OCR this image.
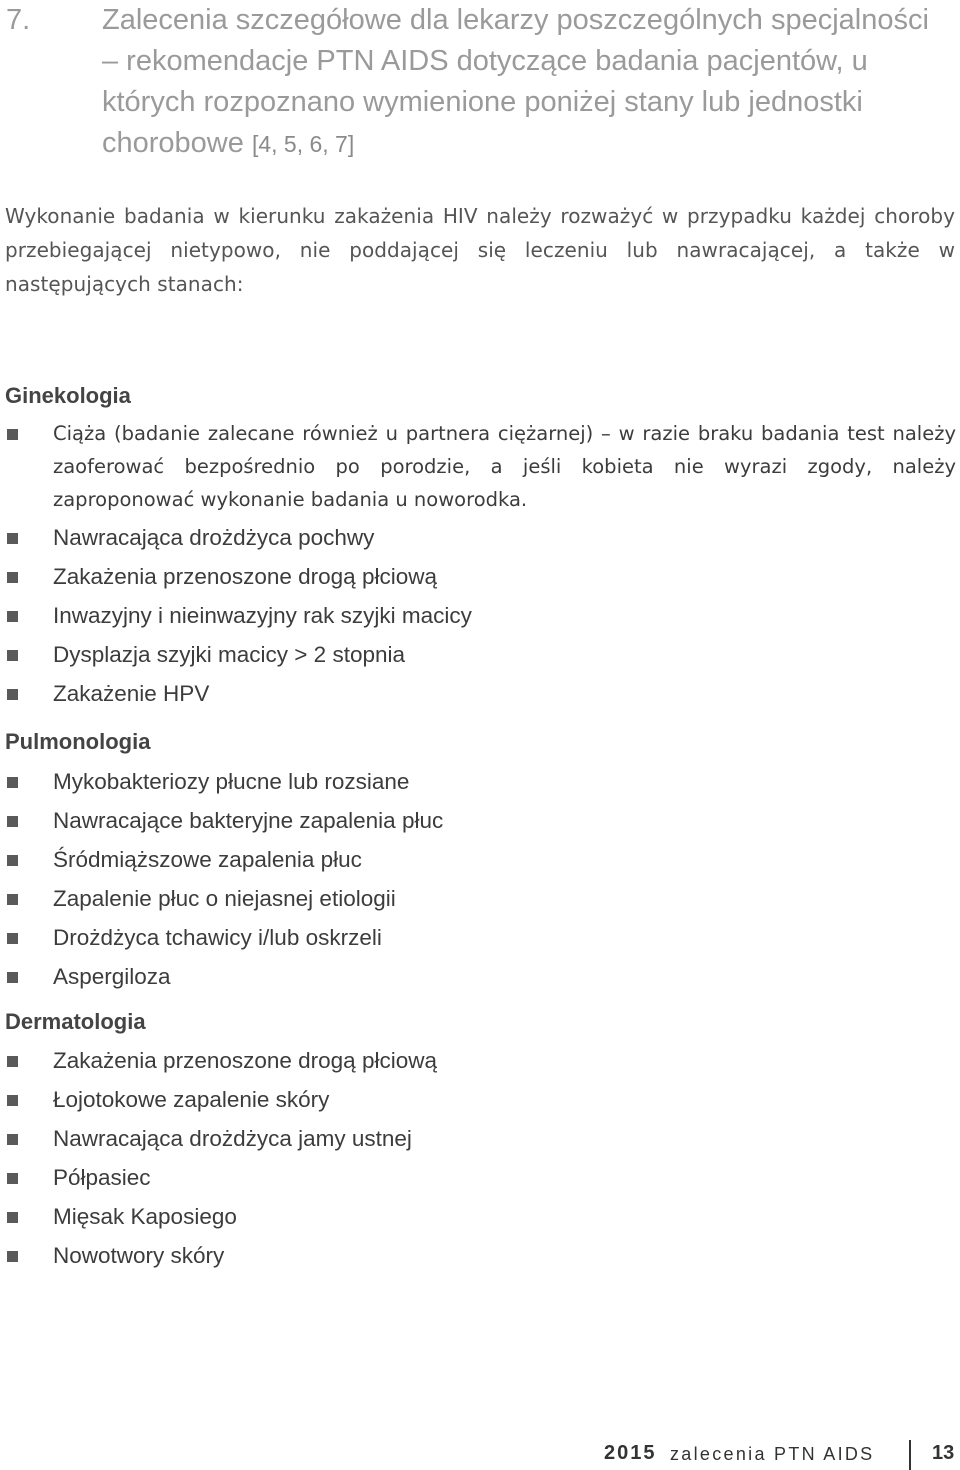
7. Zalecenia szczegółowe dla lekarzy poszczególnych specjalności – rekomendacje PTN AIDS dotyczące badania pacjentów, u których rozpoznano wymienione poniżej stany lub jednostki chorobowe [4, 5, 6, 7]

Wykonanie badania w kierunku zakażenia HIV należy rozważyć w przypadku każdej choroby przebiegającej nietypowo, nie poddającej się leczeniu lub nawracającej, a także w następujących stanach:

Ginekologia
Ciąża (badanie zalecane również u partnera ciężarnej) – w razie braku badania test należy zaoferować bezpośrednio po porodzie, a jeśli kobieta nie wyrazi zgody, należy zaproponować wykonanie badania u noworodka.
Nawracająca drożdżyca pochwy
Zakażenia przenoszone drogą płciową
Inwazyjny i nieinwazyjny rak szyjki macicy
Dysplazja szyjki macicy > 2 stopnia
Zakażenie HPV
Pulmonologia
Mykobakteriozy płucne lub rozsiane
Nawracające bakteryjne zapalenia płuc
Śródmiąższowe zapalenia płuc
Zapalenie płuc o niejasnej etiologii
Drożdżyca tchawicy i/lub oskrzeli
Aspergiloza
Dermatologia
Zakażenia przenoszone drogą płciową
Łojotokowe zapalenie skóry
Nawracająca drożdżyca jamy ustnej
Półpasiec
Mięsak Kaposiego
Nowotwory skóry
2015 zalecenia PTN AIDS	13
